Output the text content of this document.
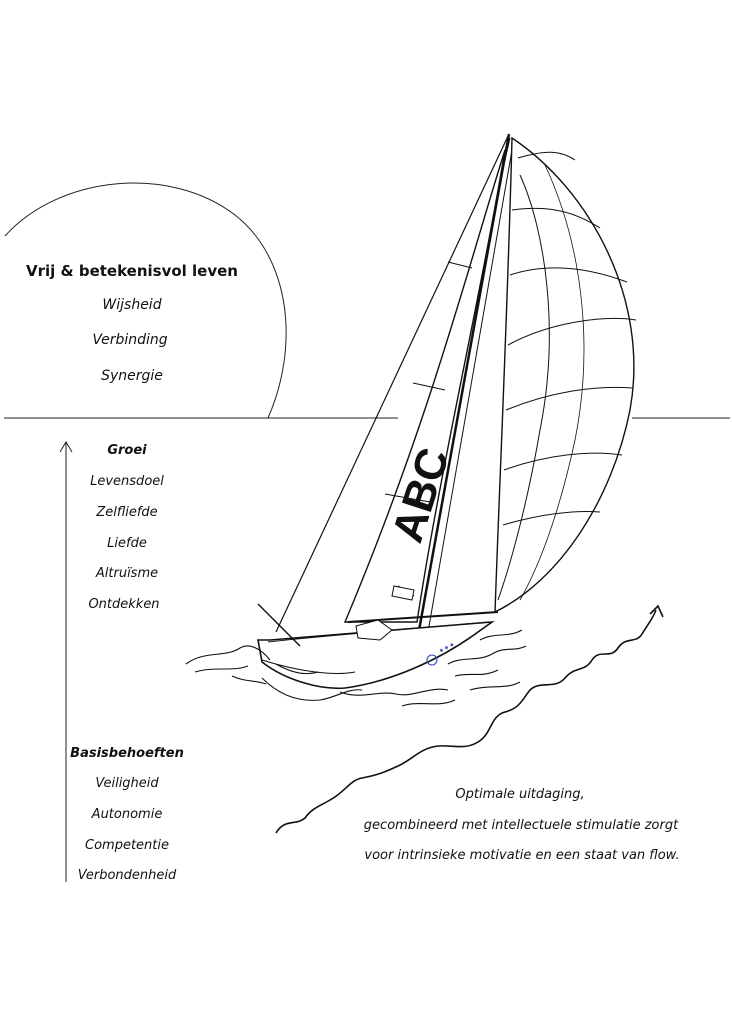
ABC
✦✦✦
Vrij & betekenisvol leven
Wijsheid
Verbinding
Synergie
Groei
Levensdoel
Zelfliefde
Liefde
Altruïsme
Ontdekken
Basisbehoeften
Veiligheid
Autonomie
Competentie
Verbondenheid
Optimale uitdaging,
gecombineerd met intellectuele stimulatie zorgt
voor intrinsieke motivatie en een staat van flow.
